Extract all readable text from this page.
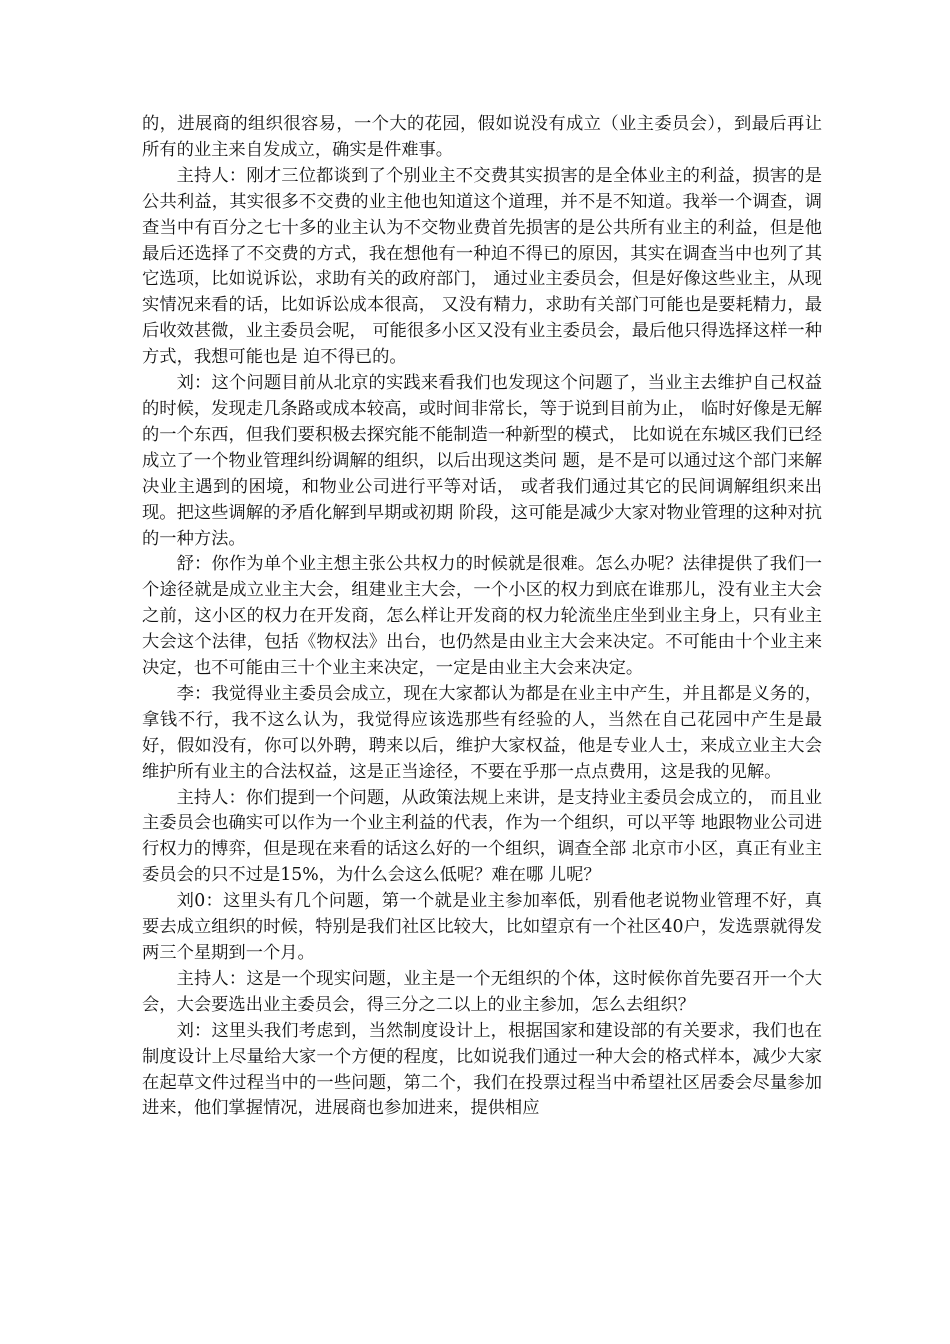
的，进展商的组织很容易，一个大的花园，假如说没有成立（业主委员会），到最后再让所有的业主来自发成立，确实是件难事。

主持人：刚才三位都谈到了个别业主不交费其实损害的是全体业主的利益，损害的是公共利益，其实很多不交费的业主他也知道这个道理，并不是不知道。我举一个调查，调查当中有百分之七十多的业主认为不交物业费首先损害的是公共所有业主的利益，但是他最后还选择了不交费的方式，我在想他有一种迫不得已的原因，其实在调查当中也列了其它选项，比如说诉讼，求助有关的政府部门， 通过业主委员会，但是好像这些业主，从现实情况来看的话，比如诉讼成本很高， 又没有精力，求助有关部门可能也是要耗精力，最后收效甚微，业主委员会呢， 可能很多小区又没有业主委员会，最后他只得选择这样一种方式，我想可能也是 迫不得已的。

刘：这个问题目前从北京的实践来看我们也发现这个问题了，当业主去维护自己权益的时候，发现走几条路或成本较高，或时间非常长，等于说到目前为止， 临时好像是无解的一个东西，但我们要积极去探究能不能制造一种新型的模式， 比如说在东城区我们已经成立了一个物业管理纠纷调解的组织，以后出现这类问 题，是不是可以通过这个部门来解决业主遇到的困境，和物业公司进行平等对话， 或者我们通过其它的民间调解组织来出现。把这些调解的矛盾化解到早期或初期 阶段，这可能是减少大家对物业管理的这种对抗的一种方法。

舒：你作为单个业主想主张公共权力的时候就是很难。怎么办呢？法律提供了我们一个途径就是成立业主大会，组建业主大会，一个小区的权力到底在谁那儿，没有业主大会之前，这小区的权力在开发商，怎么样让开发商的权力轮流坐庄坐到业主身上，只有业主大会这个法律，包括《物权法》出台，也仍然是由业主大会来决定。不可能由十个业主来决定，也不可能由三十个业主来决定，一定是由业主大会来决定。

李：我觉得业主委员会成立，现在大家都认为都是在业主中产生，并且都是义务的，拿钱不行，我不这么认为，我觉得应该选那些有经验的人，当然在自己花园中产生是最好，假如没有，你可以外聘，聘来以后，维护大家权益，他是专业人士，来成立业主大会维护所有业主的合法权益，这是正当途径，不要在乎那一点点费用，这是我的见解。

主持人：你们提到一个问题，从政策法规上来讲，是支持业主委员会成立的， 而且业主委员会也确实可以作为一个业主利益的代表，作为一个组织，可以平等 地跟物业公司进行权力的博弈，但是现在来看的话这么好的一个组织，调查全部 北京市小区，真正有业主委员会的只不过是15%，为什么会这么低呢？难在哪 儿呢？

刘0：这里头有几个问题，第一个就是业主参加率低，别看他老说物业管理不好，真要去成立组织的时候，特别是我们社区比较大，比如望京有一个社区40户，发选票就得发两三个星期到一个月。

主持人：这是一个现实问题，业主是一个无组织的个体，这时候你首先要召开一个大会，大会要选出业主委员会，得三分之二以上的业主参加，怎么去组织？

刘：这里头我们考虑到，当然制度设计上，根据国家和建设部的有关要求，我们也在制度设计上尽量给大家一个方便的程度，比如说我们通过一种大会的格式样本，减少大家在起草文件过程当中的一些问题，第二个，我们在投票过程当中希望社区居委会尽量参加进来，他们掌握情况，进展商也参加进来，提供相应
